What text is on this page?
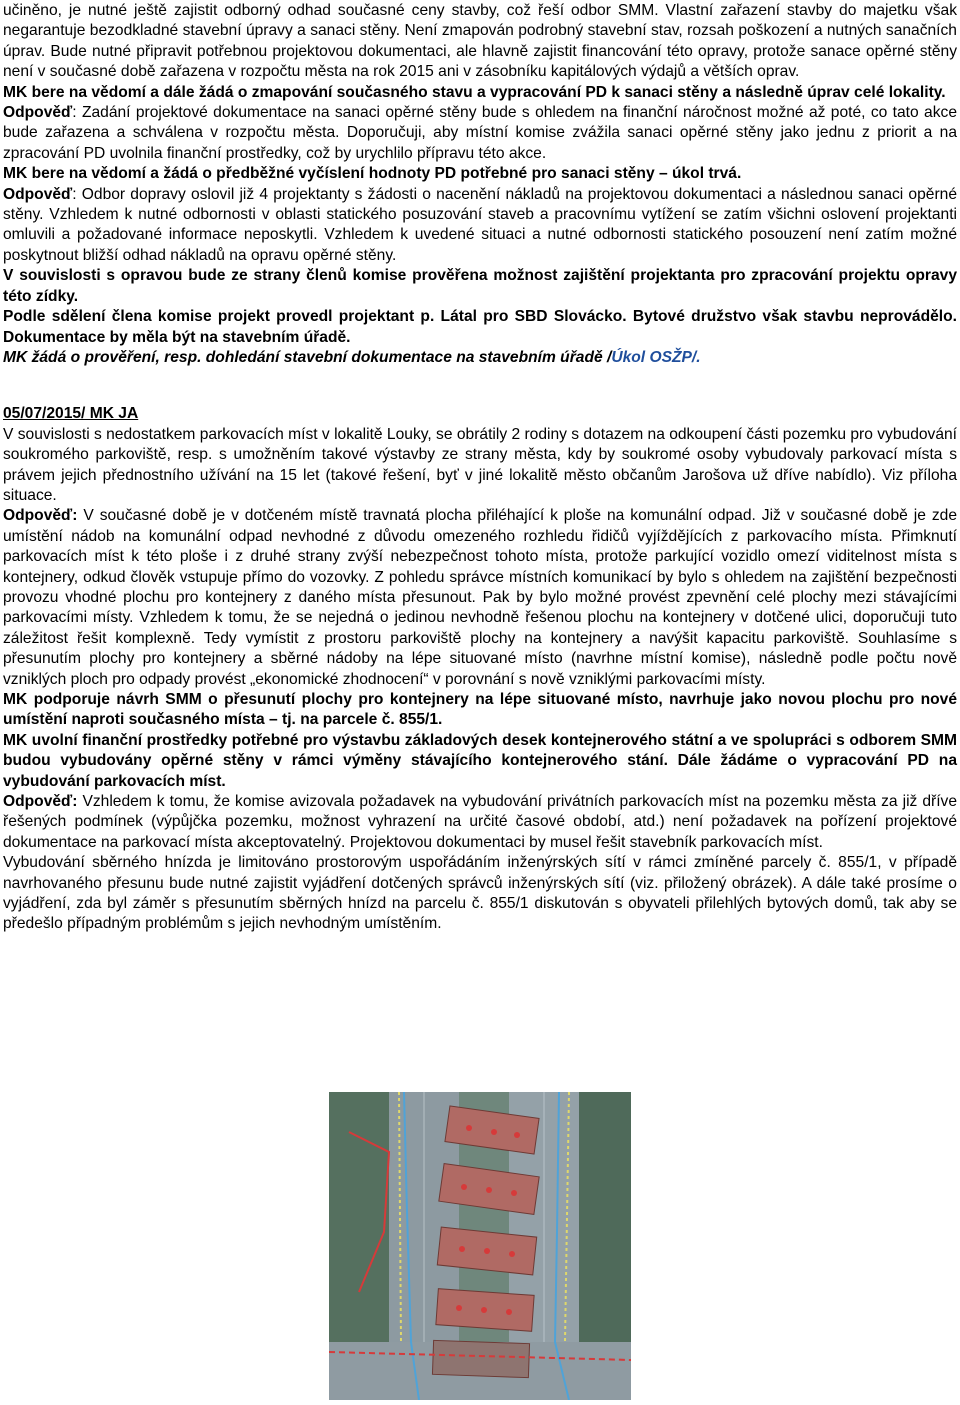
učiněno, je nutné ještě zajistit odborný odhad současné ceny stavby, což řeší odbor SMM. Vlastní zařazení stavby do majetku však negarantuje bezodkladné stavební úpravy a sanaci stěny. Není zmapován podrobný stavební stav, rozsah poškození a nutných sanačních úprav. Bude nutné připravit potřebnou projektovou dokumentaci, ale hlavně zajistit financování této opravy, protože sanace opěrné stěny není v současné době zařazena v rozpočtu města na rok 2015 ani v zásobníku kapitálových výdajů a větších oprav.

MK bere na vědomí a dále žádá o zmapování současného stavu a vypracování PD k sanaci stěny a následně úprav celé lokality.

Odpověď: Zadání projektové dokumentace na sanaci opěrné stěny bude s ohledem na finanční náročnost možné až poté, co tato akce bude zařazena a schválena v rozpočtu města. Doporučuji, aby místní komise zvážila sanaci opěrné stěny jako jednu z priorit a na zpracování PD uvolnila finanční prostředky, což by urychlilo přípravu této akce.

MK bere na vědomí a žádá o předběžné vyčíslení hodnoty PD potřebné pro sanaci stěny – úkol trvá.

Odpověď: Odbor dopravy oslovil již 4 projektanty s žádosti o nacenění nákladů na projektovou dokumentaci a následnou sanaci opěrné stěny. Vzhledem k nutné odbornosti v oblasti statického posuzování staveb a pracovnímu vytížení se zatím všichni oslovení projektanti omluvili a požadované informace neposkytli. Vzhledem k uvedené situaci a nutné odbornosti statického posouzení není zatím možné poskytnout bližší odhad nákladů na opravu opěrné stěny.

V souvislosti s opravou bude ze strany členů komise prověřena možnost zajištění projektanta pro zpracování projektu opravy této zídky.

Podle sdělení člena komise projekt provedl projektant p. Látal pro SBD Slovácko. Bytové družstvo však stavbu neprovádělo. Dokumentace by měla být na stavebním úřadě.

MK žádá o prověření, resp. dohledání stavební dokumentace na stavebním úřadě /Úkol OSŽP/.

05/07/2015/ MK JA

V souvislosti s nedostatkem parkovacích míst v lokalitě Louky, se obrátily 2 rodiny s dotazem na odkoupení části pozemku pro vybudování soukromého parkoviště, resp. s umožněním takové výstavby ze strany města, kdy by soukromé osoby vybudovaly parkovací místa s právem jejich přednostního užívání na 15 let (takové řešení, byť v jiné lokalitě město občanům Jarošova už dříve nabídlo). Viz příloha situace.

Odpověď: V současné době je v dotčeném místě travnatá plocha přiléhající k ploše na komunální odpad. Již v současné době je zde umístění nádob na komunální odpad nevhodné z důvodu omezeného rozhledu řidičů vyjíždějících z parkovacího místa. Přimknutí parkovacích míst k této ploše i z druhé strany zvýší nebezpečnost tohoto místa, protože parkující vozidlo omezí viditelnost místa s kontejnery, odkud člověk vstupuje přímo do vozovky. Z pohledu správce místních komunikací by bylo s ohledem na zajištění bezpečnosti provozu vhodné plochu pro kontejnery z daného místa přesunout. Pak by bylo možné provést zpevnění celé plochy mezi stávajícími parkovacími místy. Vzhledem k tomu, že se nejedná o jedinou nevhodně řešenou plochu na kontejnery v dotčené ulici, doporučuji tuto záležitost řešit komplexně. Tedy vymístit z prostoru parkoviště plochy na kontejnery a navýšit kapacitu parkoviště. Souhlasíme s přesunutím plochy pro kontejnery a sběrné nádoby na lépe situované místo (navrhne místní komise), následně podle počtu nově vzniklých ploch pro odpady provést „ekonomické zhodnocení“ v porovnání s nově vzniklými parkovacími místy.

MK podporuje návrh SMM o přesunutí plochy pro kontejnery na lépe situované místo, navrhuje jako novou plochu pro nové umístění naproti současného místa – tj. na parcele č. 855/1.

MK uvolní finanční prostředky potřebné pro výstavbu základových desek kontejnerového státní a ve spolupráci s odborem SMM budou vybudovány opěrné stěny v rámci výměny stávajícího kontejnerového stání. Dále žádáme o vypracování PD na vybudování parkovacích míst.

Odpověď: Vzhledem k tomu, že komise avizovala požadavek na vybudování privátních parkovacích míst na pozemku města za již dříve řešených podmínek (výpůjčka pozemku, možnost vyhrazení na určité časové období, atd.) není požadavek na pořízení projektové dokumentace na parkovací místa akceptovatelný. Projektovou dokumentaci by musel řešit stavebník parkovacích míst.

Vybudování sběrného hnízda je limitováno prostorovým uspořádáním inženýrských sítí v rámci zmíněné parcely č. 855/1, v případě navrhovaného přesunu bude nutné zajistit vyjádření dotčených správců inženýrských sítí (viz. přiložený obrázek). A dále také prosíme o vyjádření, zda byl záměr s přesunutím sběrných hnízd na parcelu č. 855/1 diskutován s obyvateli přilehlých bytových domů, tak aby se předešlo případným problémům s jejich nevhodným umístěním.
